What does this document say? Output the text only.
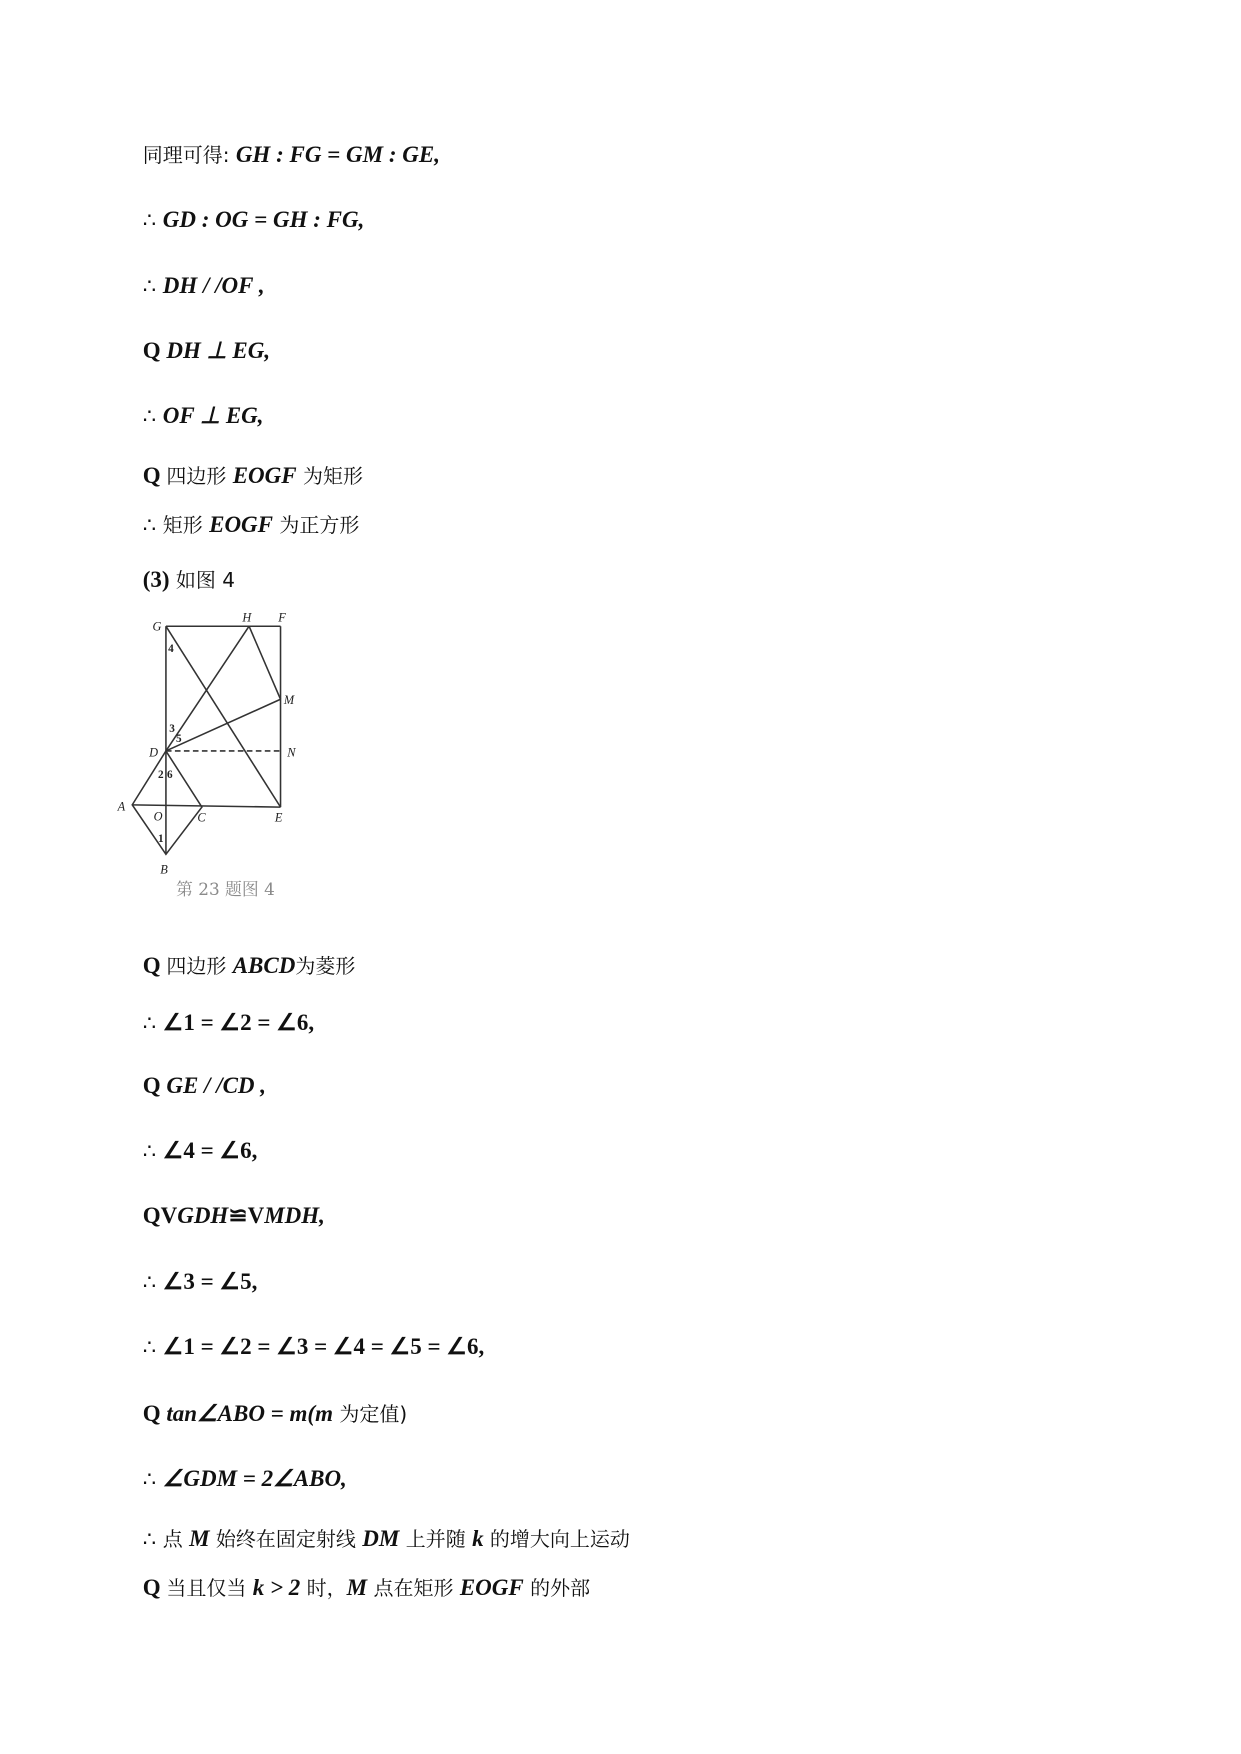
同理可得: GH : FG = GM : GE,

∴ GD : OG = GH : FG,

∴ DH / /OF ,

Q DH ⊥ EG,

∴ OF ⊥ EG,

Q 四边形 EOGF 为矩形

∴ 矩形 EOGF 为正方形

(3) 如图 4

G
H F
M
N
D
E
A
O	C
B
1
2
3
4
5
6
第 23 题图 4

Q 四边形 ABCD为菱形

∴ ∠1 = ∠2 = ∠6,

Q GE / /CD ,

∴ ∠4 = ∠6,

QVGDH≌VMDH,

∴ ∠3 = ∠5,

∴ ∠1 = ∠2 = ∠3 = ∠4 = ∠5 = ∠6,

Q tan∠ABO = m(m 为定值)

∴ ∠GDM = 2∠ABO,

∴ 点 M 始终在固定射线 DM 上并随 k 的增大向上运动

Q 当且仅当 k > 2 时，M 点在矩形 EOGF 的外部
